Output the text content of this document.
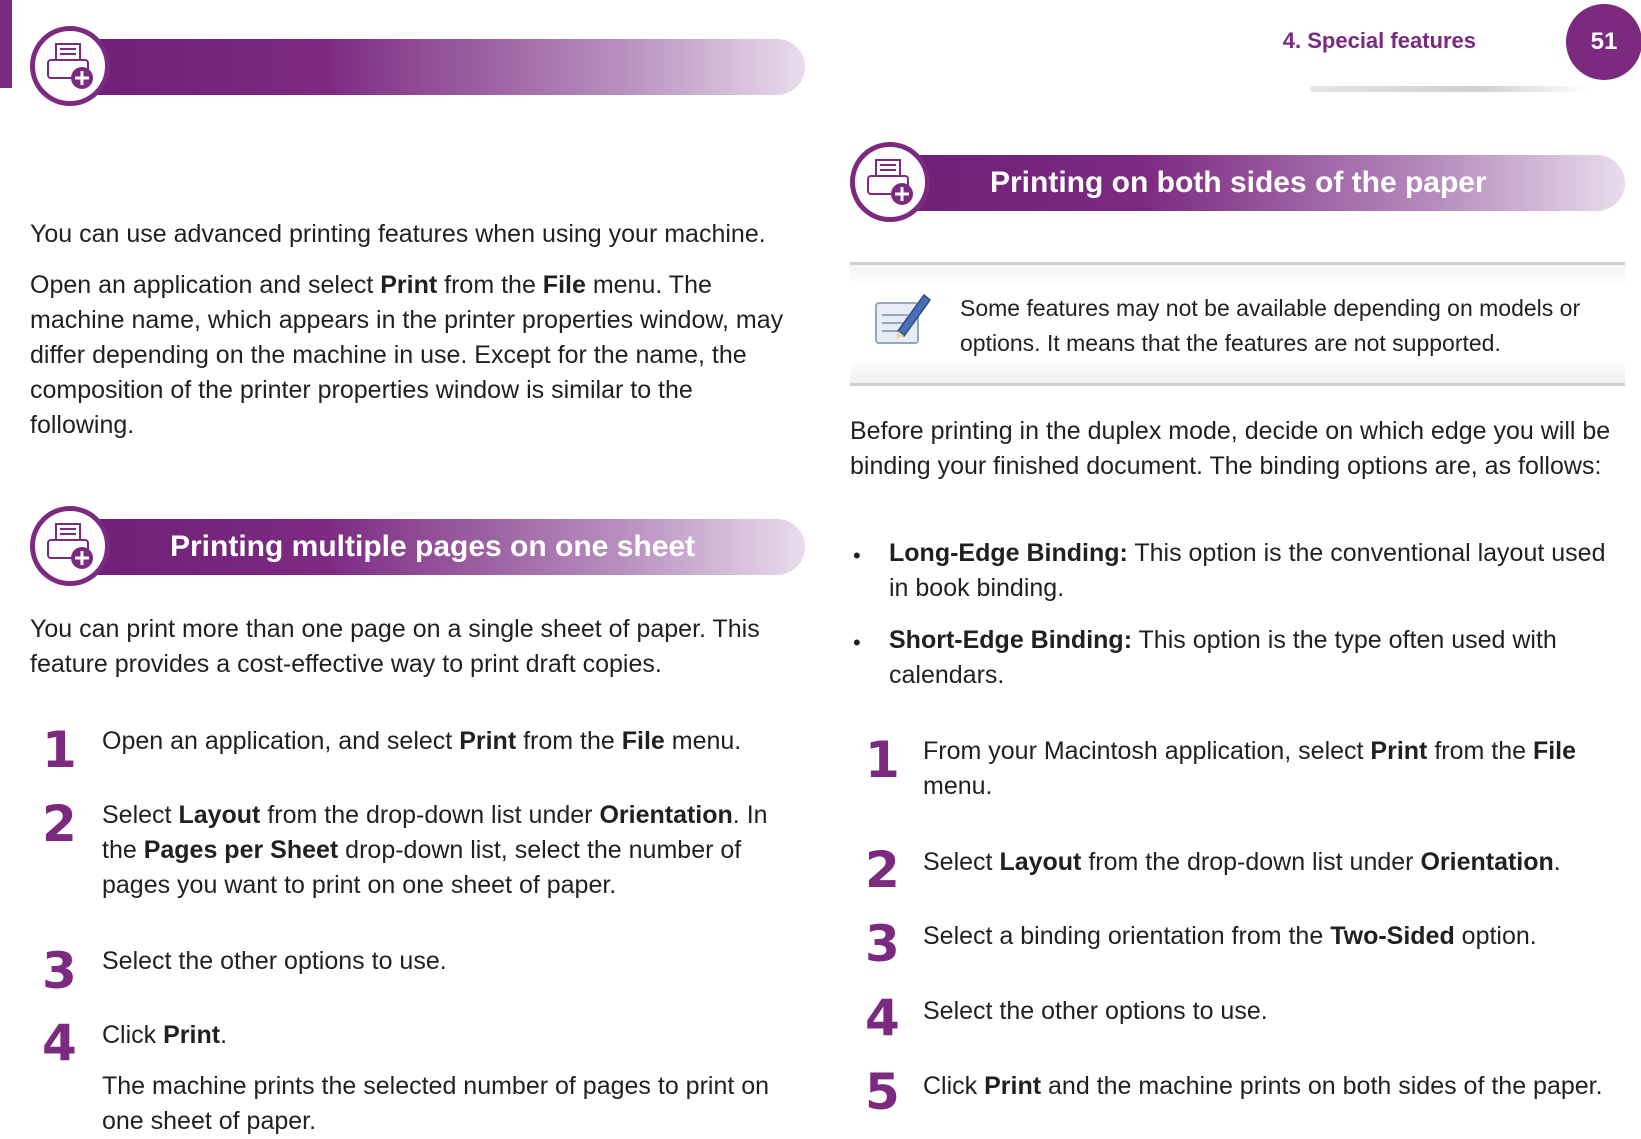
4. Special features	51

You can use advanced printing features when using your machine.

Open an application and select Print from the File menu. The machine name, which appears in the printer properties window, may differ depending on the machine in use. Except for the name, the composition of the printer properties window is similar to the following.

Printing multiple pages on one sheet

You can print more than one page on a single sheet of paper. This feature provides a cost-effective way to print draft copies.

1 Open an application, and select Print from the File menu.

2 Select Layout from the drop-down list under Orientation. In the Pages per Sheet drop-down list, select the number of pages you want to print on one sheet of paper.

3 Select the other options to use.

4 Click Print.

The machine prints the selected number of pages to print on one sheet of paper.

Printing on both sides of the paper

Some features may not be available depending on models or options. It means that the features are not supported.

Before printing in the duplex mode, decide on which edge you will be binding your finished document. The binding options are, as follows:

• Long-Edge Binding: This option is the conventional layout used in book binding.

• Short-Edge Binding: This option is the type often used with calendars.

1 From your Macintosh application, select Print from the File menu.

2 Select Layout from the drop-down list under Orientation.

3 Select a binding orientation from the Two-Sided option.

4 Select the other options to use.

5 Click Print and the machine prints on both sides of the paper.
